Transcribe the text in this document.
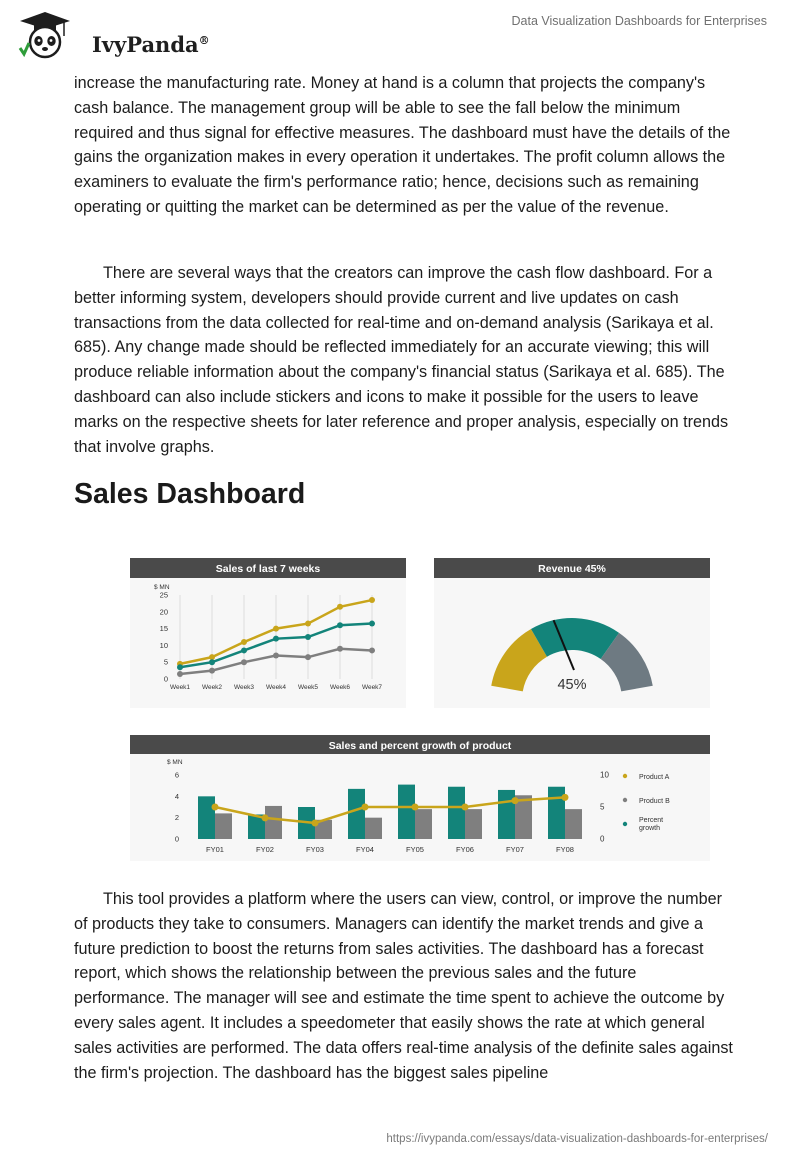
IvyPanda®
Data Visualization Dashboards for Enterprises

increase the manufacturing rate. Money at hand is a column that projects the company's cash balance. The management group will be able to see the fall below the minimum required and thus signal for effective measures. The dashboard must have the details of the gains the organization makes in every operation it undertakes. The profit column allows the examiners to evaluate the firm's performance ratio; hence, decisions such as remaining operating or quitting the market can be determined as per the value of the revenue.

There are several ways that the creators can improve the cash flow dashboard. For a better informing system, developers should provide current and live updates on cash transactions from the data collected for real-time and on-demand analysis (Sarikaya et al. 685). Any change made should be reflected immediately for an accurate viewing; this will produce reliable information about the company's financial status (Sarikaya et al. 685). The dashboard can also include stickers and icons to make it possible for the users to leave marks on the respective sheets for later reference and proper analysis, especially on trends that involve graphs.

Sales Dashboard
Sales of last 7 weeks
$ MN
0
5
10
15
20
25
Week1 Week2 Week3 Week4 Week5 Week6 Week7
Revenue 45%
45%
Sales and percent growth of product
$ MN
0
2
4
6
0
5
10
FY01	FY02	FY03	FY04	FY05	FY06	FY07	FY08
Product A
Product B
Percent
growth

This tool provides a platform where the users can view, control, or improve the number of products they take to consumers. Managers can identify the market trends and give a future prediction to boost the returns from sales activities. The dashboard has a forecast report, which shows the relationship between the previous sales and the future performance. The manager will see and estimate the time spent to achieve the outcome by every sales agent. It includes a speedometer that easily shows the rate at which general sales activities are performed. The data offers real-time analysis of the definite sales against the firm's projection. The dashboard has the biggest sales pipeline

https://ivypanda.com/essays/data-visualization-dashboards-for-enterprises/
